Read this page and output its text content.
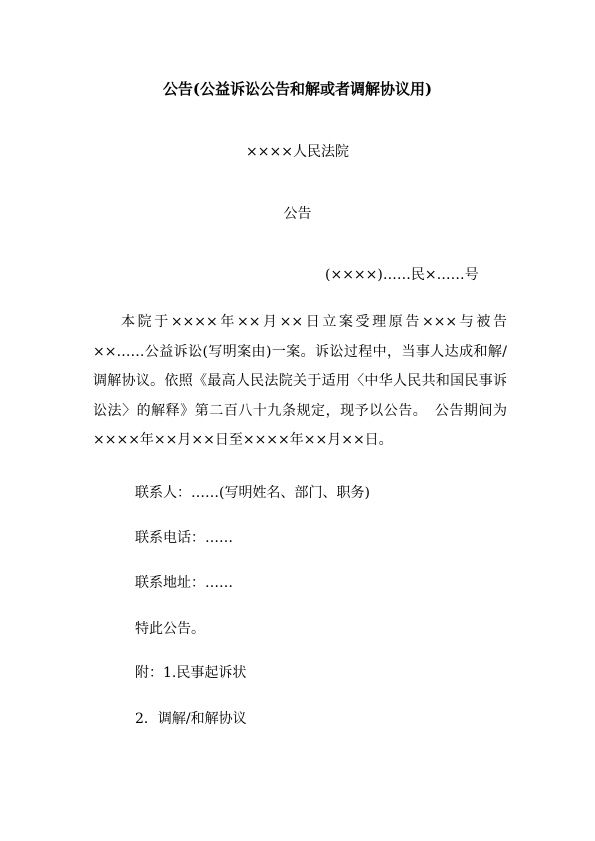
公告(公益诉讼公告和解或者调解协议用)
××××人民法院
公告
(××××)……民×……号
本院于××××年××月××日立案受理原告×××与被告××……公益诉讼(写明案由)一案。诉讼过程中，当事人达成和解/调解协议。依照《最高人民法院关于适用〈中华人民共和国民事诉讼法〉的解释》第二百八十九条规定，现予以公告。　公告期间为××××年××月××日至××××年××月××日。
联系人：……(写明姓名、部门、职务)
联系电话：……
联系地址：……
特此公告。
附：1.民事起诉状
2．调解/和解协议
